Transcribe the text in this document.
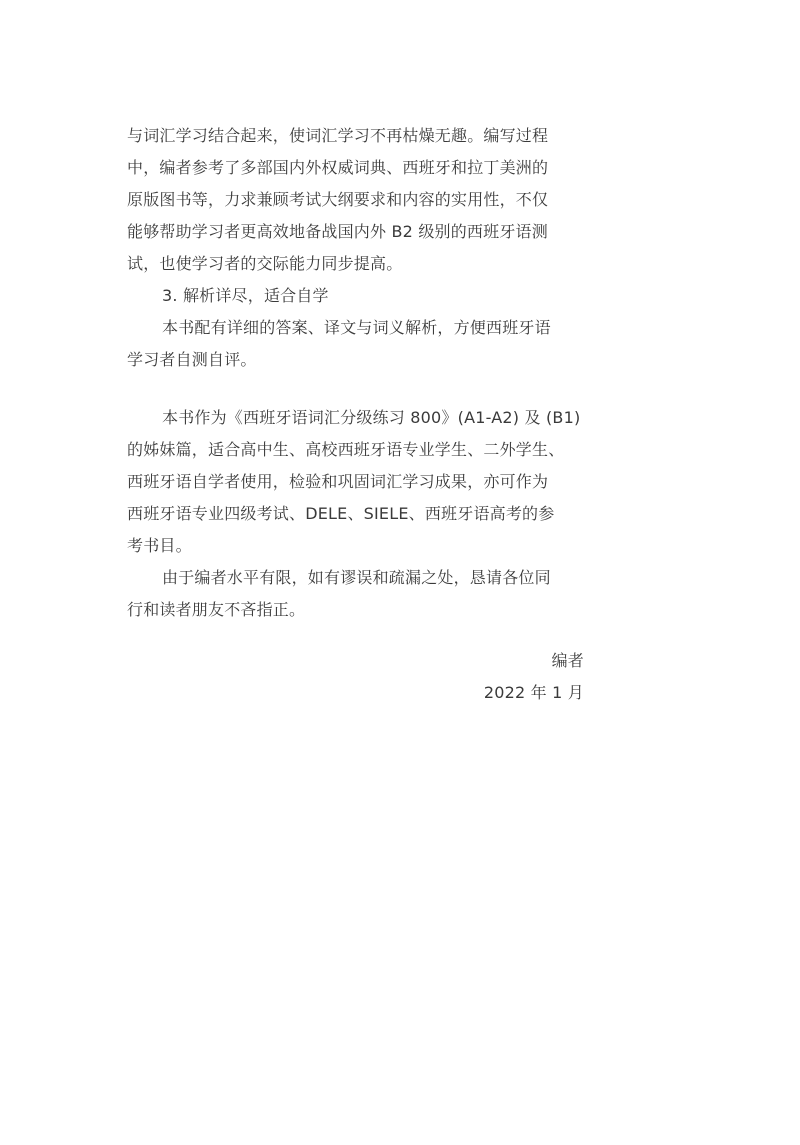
与词汇学习结合起来，使词汇学习不再枯燥无趣。编写过程
中，编者参考了多部国内外权威词典、西班牙和拉丁美洲的
原版图书等，力求兼顾考试大纲要求和内容的实用性，不仅
能够帮助学习者更高效地备战国内外 B2 级别的西班牙语测
试，也使学习者的交际能力同步提高。
3. 解析详尽，适合自学
本书配有详细的答案、译文与词义解析，方便西班牙语
学习者自测自评。
本书作为《西班牙语词汇分级练习 800》(A1-A2) 及 (B1)
的姊妹篇，适合高中生、高校西班牙语专业学生、二外学生、
西班牙语自学者使用，检验和巩固词汇学习成果，亦可作为
西班牙语专业四级考试、DELE、SIELE、西班牙语高考的参
考书目。
由于编者水平有限，如有谬误和疏漏之处，恳请各位同
行和读者朋友不吝指正。
编者
2022 年 1 月
